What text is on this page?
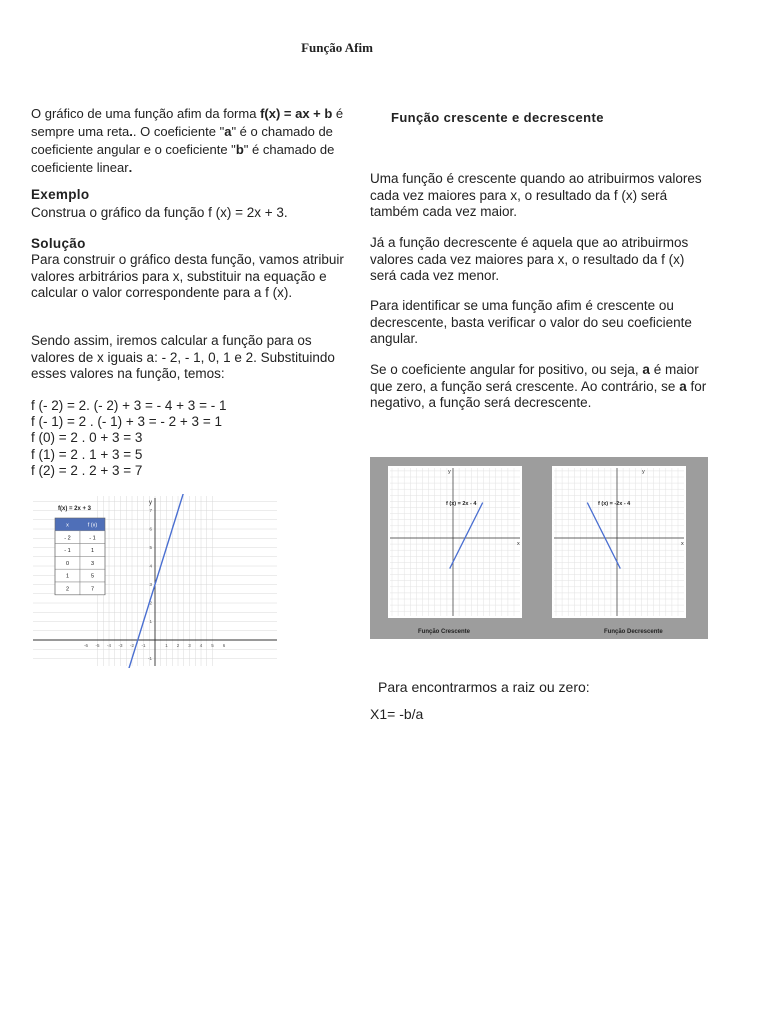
Função Afim

O gráfico de uma função afim da forma f(x) = ax + b é sempre uma reta.. O coeficiente "a" é o chamado de coeficiente angular e o coeficiente "b" é chamado de coeficiente linear.

Exemplo

Construa o gráfico da função f (x) = 2x + 3.

Solução

Para construir o gráfico desta função, vamos atribuir valores arbitrários para x, substituir na equação e calcular o valor correspondente para a f (x).

Sendo assim, iremos calcular a função para os valores de x iguais a: - 2, - 1, 0, 1 e 2. Substituindo esses valores na função, temos:

f (- 2) = 2. (- 2) + 3 = - 4 + 3 = - 1
f (- 1) = 2 . (- 1) + 3 = - 2 + 3 = 1
f (0) = 2 . 0 + 3 = 3
f (1) = 2 . 1 + 3 = 5
f (2) = 2 . 2 + 3 = 7
-6 -5 -4 -3 -2 -1	1 2 3 4 5 6
-1
1
2
3
4
5
6
7
f(x) = 2x + 3
y
x	f (x)
- 2	- 1
- 1	1
0	3
1	5
2	7
Função crescente e decrescente

Uma função é crescente quando ao atribuirmos valores cada vez maiores para x, o resultado da f (x) será também cada vez maior.

Já a função decrescente é aquela que ao atribuirmos valores cada vez maiores para x, o resultado da f (x) será cada vez menor.

Para identificar se uma função afim é crescente ou decrescente, basta verificar o valor do seu coeficiente angular.

Se o coeficiente angular for positivo, ou seja, a é maior que zero, a função será crescente. Ao contrário, se a for negativo, a função será decrescente.

f (x) = 2x - 4	f (x) = -2x - 4
Função Crescente	Função Decrescente
y
x
y
x
Para encontrarmos a raiz ou zero:
X1= -b/a
